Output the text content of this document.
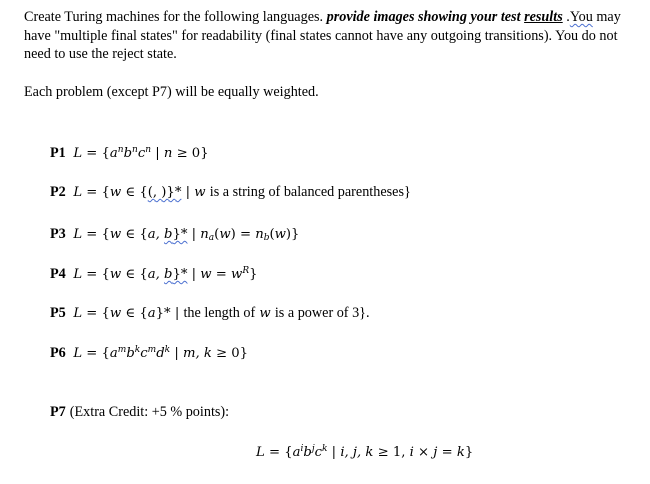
Create Turing machines for the following languages. provide images showing your test results .You may have "multiple final states" for readability (final states cannot have any outgoing transitions). You do not need to use the reject state.
Each problem (except P7) will be equally weighted.
P1 $L = \{a^nb^nc^n$ | n ≥ 0}
P2 L = {w ∈ {(, )}* | w is a string of balanced parentheses}
P3 L = {w ∈ {a, b}* | $n_a(w) = n_b(w)$}
P4 L = {w ∈ {a, b}* | $w = w^R$}
P5 L = {w ∈ {a}* | the length of w is a power of 3}.
P6 $L = \{a^mb^kc^md^k$ | m, k ≥ 0}
P7 (Extra Credit: +5 % points):
$L = \{a^ib^jc^k$ | i, j, k ≥ 1, i × j = k}
